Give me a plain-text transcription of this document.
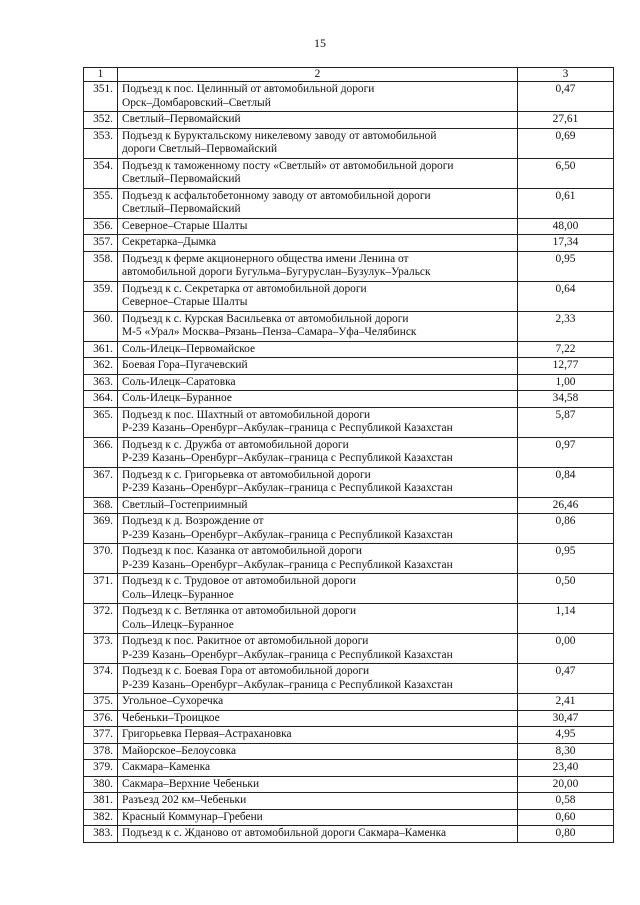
15
1	2	3
351.	Подъезд к пос. Целинный от автомобильной дороги
Орск–Домбаровский–Светлый	0,47
352.	Светлый–Первомайский	27,61
353.	Подъезд к Буруктальскому никелевому заводу от автомобильной
дороги Светлый–Первомайский	0,69
354.	Подъезд к таможенному посту «Светлый» от автомобильной дороги
Светлый–Первомайский	6,50
355.	Подъезд к асфальтобетонному заводу от автомобильной дороги
Светлый–Первомайский	0,61
356.	Северное–Старые Шалты	48,00
357.	Секретарка–Дымка	17,34
358.	Подъезд к ферме акционерного общества имени Ленина от
автомобильной дороги Бугульма–Бугуруслан–Бузулук–Уральск	0,95
359.	Подъезд к с. Секретарка от автомобильной дороги
Северное–Старые Шалты	0,64
360.	Подъезд к с. Курская Васильевка от автомобильной дороги
М-5 «Урал» Москва–Рязань–Пенза–Самара–Уфа–Челябинск	2,33
361.	Соль-Илецк–Первомайское	7,22
362.	Боевая Гора–Пугачевский	12,77
363.	Соль-Илецк–Саратовка	1,00
364.	Соль-Илецк–Буранное	34,58
365.	Подъезд к пос. Шахтный от автомобильной дороги
Р-239 Казань–Оренбург–Акбулак–граница с Республикой Казахстан	5,87
366.	Подъезд к с. Дружба от автомобильной дороги
Р-239 Казань–Оренбург–Акбулак–граница с Республикой Казахстан	0,97
367.	Подъезд к с. Григорьевка от автомобильной дороги
Р-239 Казань–Оренбург–Акбулак–граница с Республикой Казахстан	0,84
368.	Светлый–Гостеприимный	26,46
369.	Подъезд к д. Возрождение от
Р-239 Казань–Оренбург–Акбулак–граница с Республикой Казахстан	0,86
370.	Подъезд к пос. Казанка от автомобильной дороги
Р-239 Казань–Оренбург–Акбулак–граница с Республикой Казахстан	0,95
371.	Подъезд к с. Трудовое от автомобильной дороги
Соль–Илецк–Буранное	0,50
372.	Подъезд к с. Ветлянка от автомобильной дороги
Соль–Илецк–Буранное	1,14
373.	Подъезд к пос. Ракитное от автомобильной дороги
Р-239 Казань–Оренбург–Акбулак–граница с Республикой Казахстан	0,00
374.	Подъезд к с. Боевая Гора от автомобильной дороги
Р-239 Казань–Оренбург–Акбулак–граница с Республикой Казахстан	0,47
375.	Угольное–Сухоречка	2,41
376.	Чебеньки–Троицкое	30,47
377.	Григорьевка Первая–Астрахановка	4,95
378.	Майорское–Белоусовка	8,30
379.	Сакмара–Каменка	23,40
380.	Сакмара–Верхние Чебеньки	20,00
381.	Разъезд 202 км–Чебеньки	0,58
382.	Красный Коммунар–Гребени	0,60
383.	Подъезд к с. Жданово от автомобильной дороги Сакмара–Каменка	0,80
